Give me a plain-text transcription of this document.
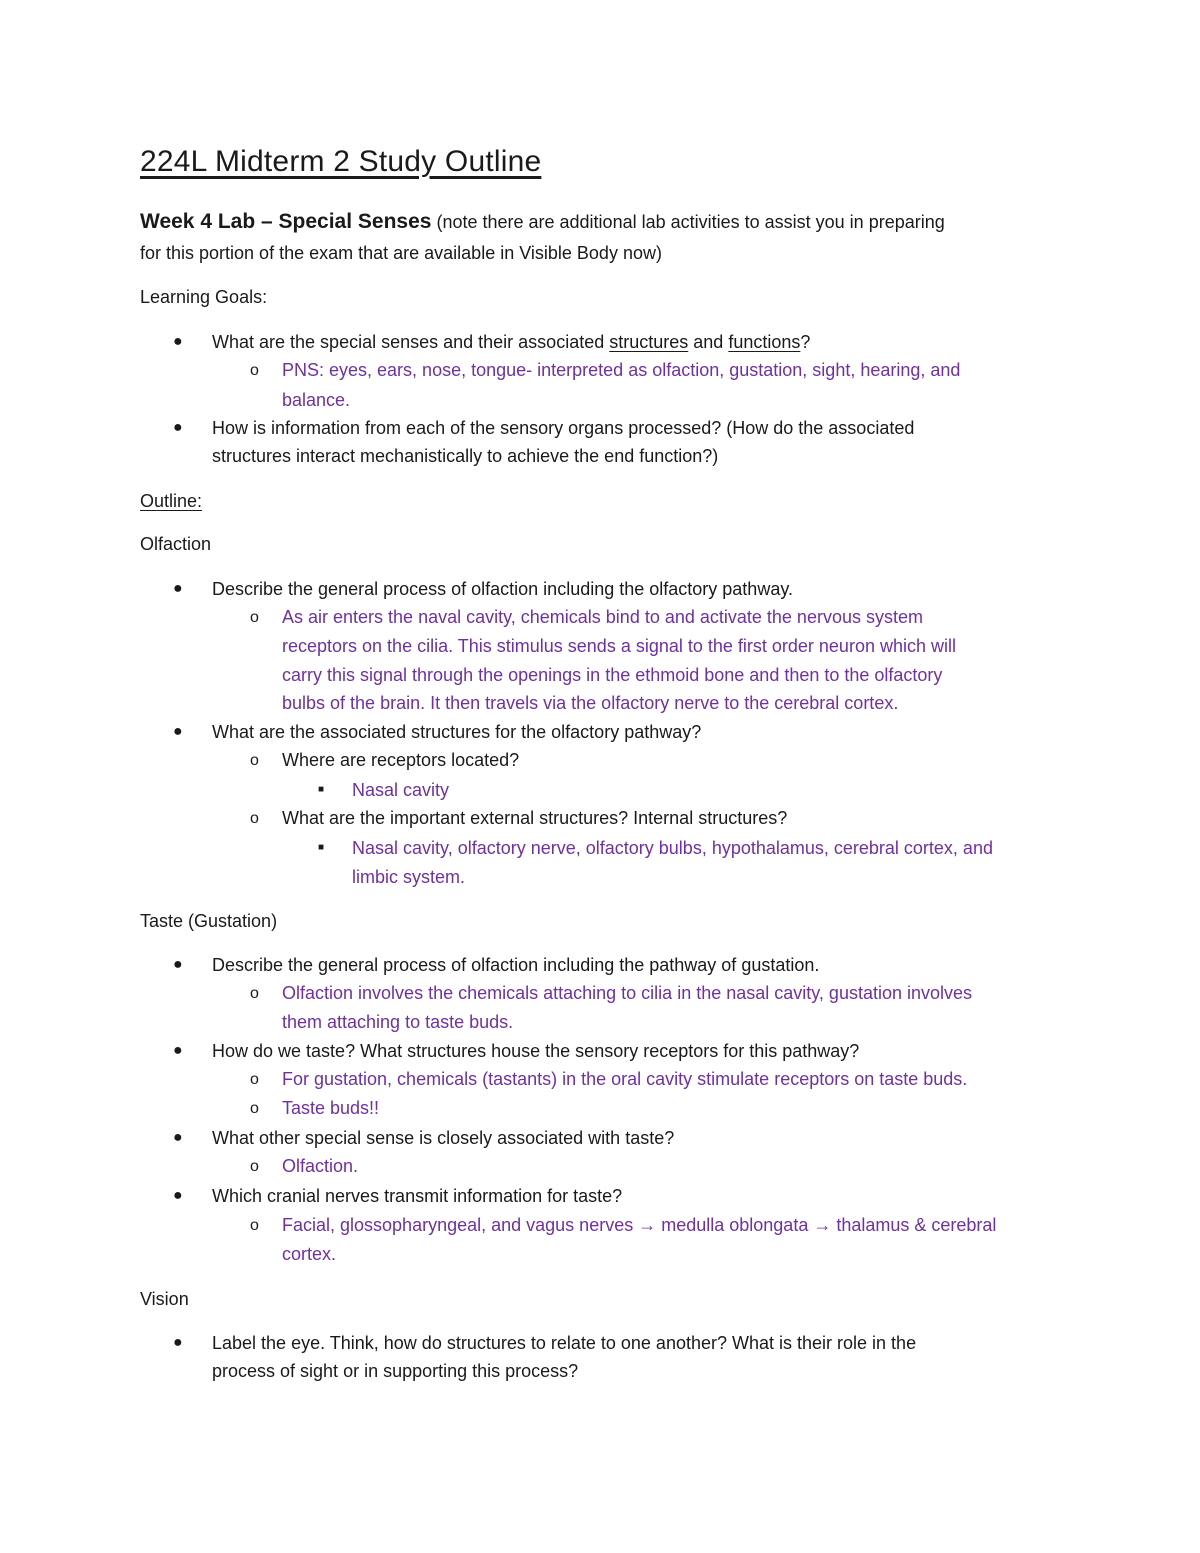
224L Midterm 2 Study Outline
Week 4 Lab – Special Senses (note there are additional lab activities to assist you in preparing
for this portion of the exam that are available in Visible Body now)
Learning Goals:
● What are the special senses and their associated structures and functions?
o PNS: eyes, ears, nose, tongue- interpreted as olfaction, gustation, sight, hearing, and
balance.
● How is information from each of the sensory organs processed? (How do the associated
structures interact mechanistically to achieve the end function?)
Outline:
Olfaction
● Describe the general process of olfaction including the olfactory pathway.
o As air enters the naval cavity, chemicals bind to and activate the nervous system
receptors on the cilia. This stimulus sends a signal to the first order neuron which will
carry this signal through the openings in the ethmoid bone and then to the olfactory
bulbs of the brain. It then travels via the olfactory nerve to the cerebral cortex.
● What are the associated structures for the olfactory pathway?
o Where are receptors located?
■ Nasal cavity
o What are the important external structures? Internal structures?
■ Nasal cavity, olfactory nerve, olfactory bulbs, hypothalamus, cerebral cortex, and
limbic system.
Taste (Gustation)
● Describe the general process of olfaction including the pathway of gustation.
o Olfaction involves the chemicals attaching to cilia in the nasal cavity, gustation involves
them attaching to taste buds.
● How do we taste? What structures house the sensory receptors for this pathway?
o For gustation, chemicals (tastants) in the oral cavity stimulate receptors on taste buds.
o Taste buds!!
● What other special sense is closely associated with taste?
o Olfaction.
● Which cranial nerves transmit information for taste?
o Facial, glossopharyngeal, and vagus nerves → medulla oblongata → thalamus & cerebral
cortex.
Vision
● Label the eye. Think, how do structures to relate to one another? What is their role in the
process of sight or in supporting this process?
